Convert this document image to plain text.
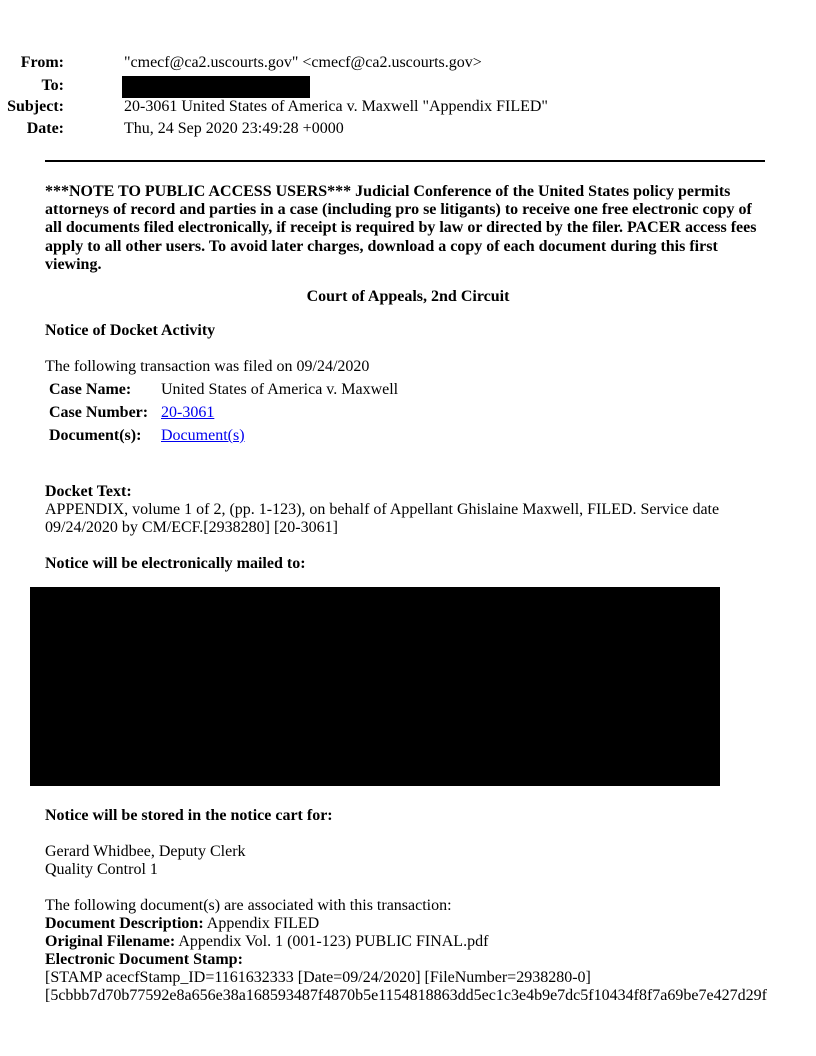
From:	"cmecf@ca2.uscourts.gov" <cmecf@ca2.uscourts.gov>
To:
Subject:	20-3061 United States of America v. Maxwell "Appendix FILED"
Date:	Thu, 24 Sep 2020 23:49:28 +0000
***NOTE TO PUBLIC ACCESS USERS*** Judicial Conference of the United States policy permits attorneys of record and parties in a case (including pro se litigants) to receive one free electronic copy of all documents filed electronically, if receipt is required by law or directed by the filer. PACER access fees apply to all other users. To avoid later charges, download a copy of each document during this first viewing.
Court of Appeals, 2nd Circuit
Notice of Docket Activity
The following transaction was filed on 09/24/2020
Case Name: United States of America v. Maxwell
Case Number: 20-3061
Document(s): Document(s)
Docket Text:
APPENDIX, volume 1 of 2, (pp. 1-123), on behalf of Appellant Ghislaine Maxwell, FILED. Service date 09/24/2020 by CM/ECF.[2938280] [20-3061]
Notice will be electronically mailed to:
Notice will be stored in the notice cart for:
Gerard Whidbee, Deputy Clerk
Quality Control 1
The following document(s) are associated with this transaction:
Document Description: Appendix FILED
Original Filename: Appendix Vol. 1 (001-123) PUBLIC FINAL.pdf
Electronic Document Stamp:
[STAMP acecfStamp_ID=1161632333 [Date=09/24/2020] [FileNumber=2938280-0]
[5cbbb7d70b77592e8a656e38a168593487f4870b5e1154818863dd5ec1c3e4b9e7dc5f10434f8f7a69be7e427d29f
